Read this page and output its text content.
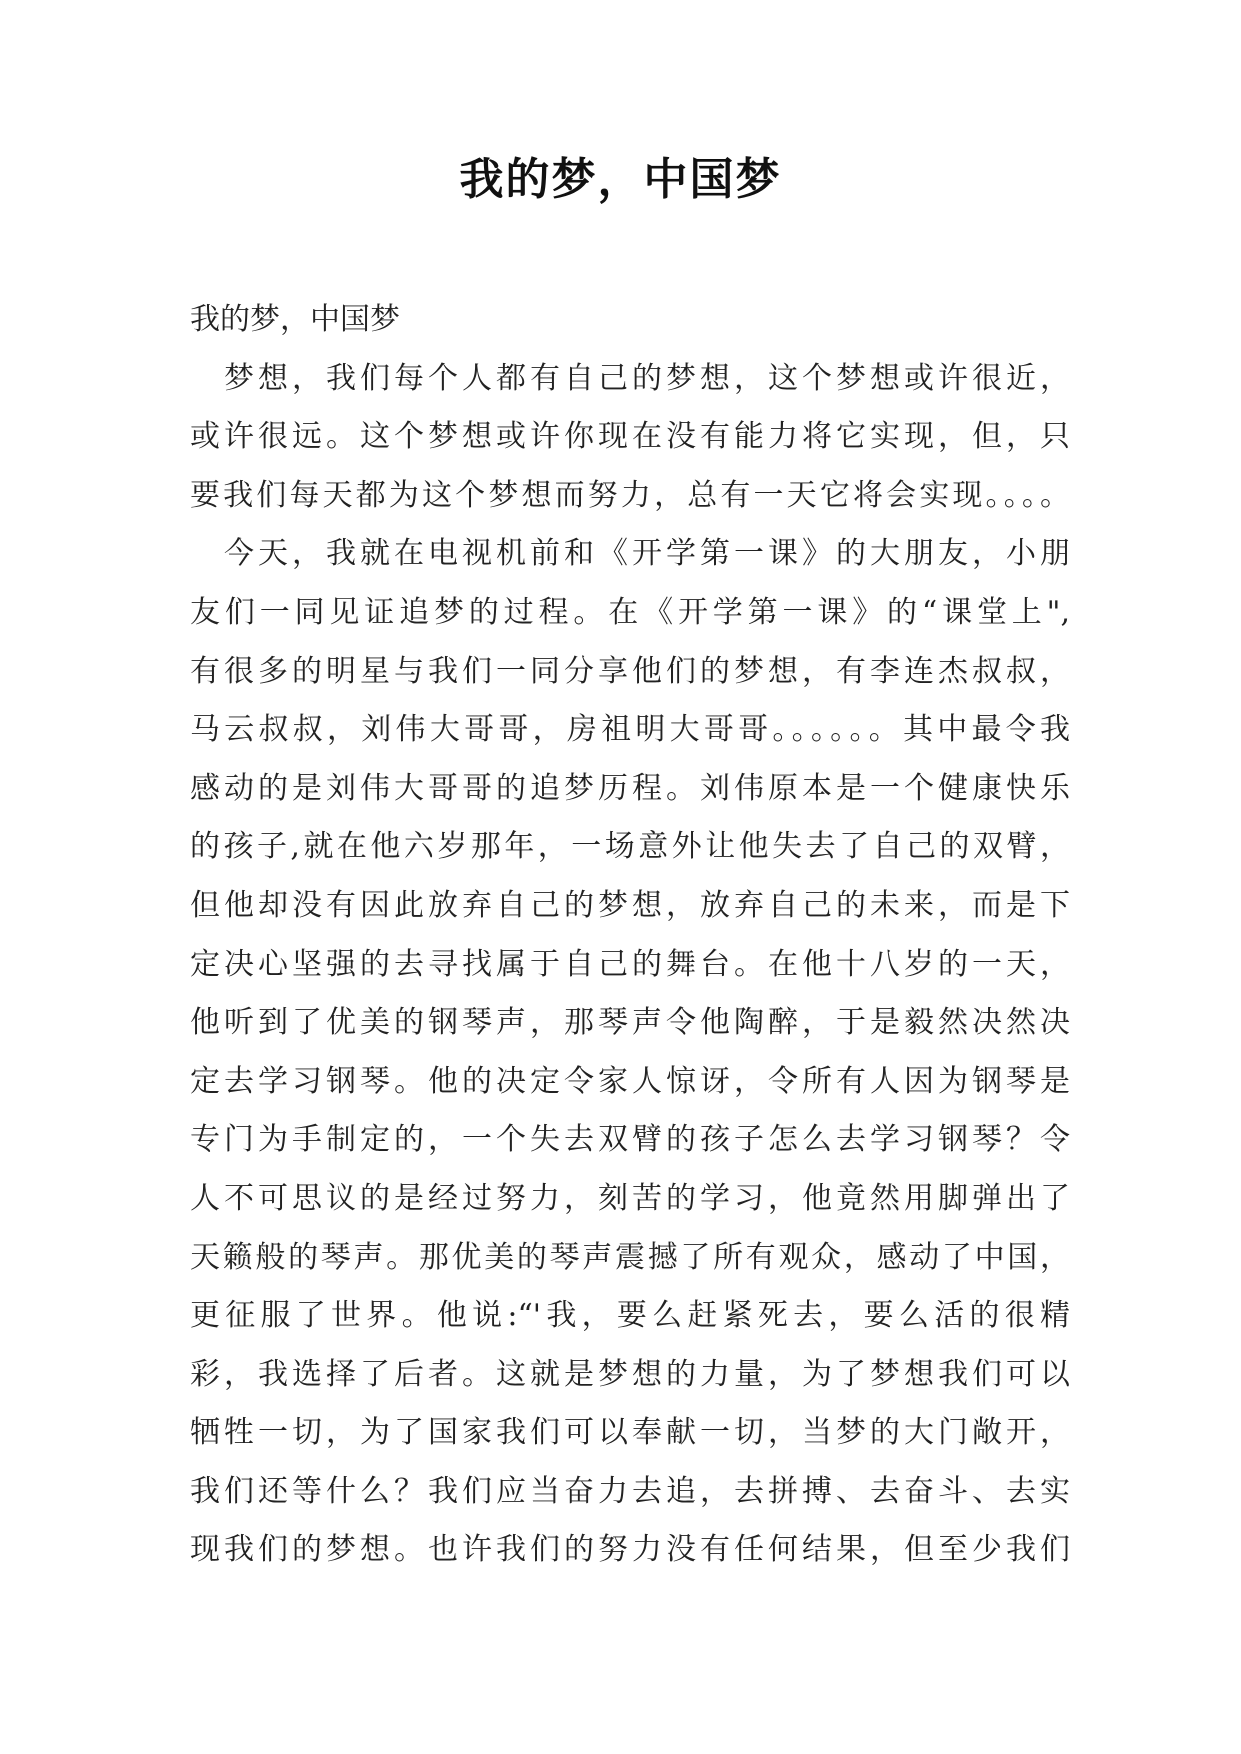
我的梦，中国梦
我的梦，中国梦
　梦想，我们每个人都有自己的梦想，这个梦想或许很近，
或许很远。这个梦想或许你现在没有能力将它实现，但，只
要我们每天都为这个梦想而努力，总有一天它将会实现。。。。
　今天，我就在电视机前和《开学第一课》的大朋友，小朋
友们一同见证追梦的过程。在《开学第一课》的“课堂上",
有很多的明星与我们一同分享他们的梦想，有李连杰叔叔，
马云叔叔，刘伟大哥哥，房祖明大哥哥。。。。。。其中最令我
感动的是刘伟大哥哥的追梦历程。刘伟原本是一个健康快乐
的孩子,就在他六岁那年，一场意外让他失去了自己的双臂，
但他却没有因此放弃自己的梦想，放弃自己的未来，而是下
定决心坚强的去寻找属于自己的舞台。在他十八岁的一天，
他听到了优美的钢琴声，那琴声令他陶醉，于是毅然决然决
定去学习钢琴。他的决定令家人惊讶，令所有人因为钢琴是
专门为手制定的，一个失去双臂的孩子怎么去学习钢琴？令
人不可思议的是经过努力，刻苦的学习，他竟然用脚弹出了
天籁般的琴声。那优美的琴声震撼了所有观众，感动了中国，
更征服了世界。他说:“'我，要么赶紧死去，要么活的很精
彩，我选择了后者。这就是梦想的力量，为了梦想我们可以
牺牲一切，为了国家我们可以奉献一切，当梦的大门敞开，
我们还等什么？我们应当奋力去追，去拼搏、去奋斗、去实
现我们的梦想。也许我们的努力没有任何结果，但至少我们
